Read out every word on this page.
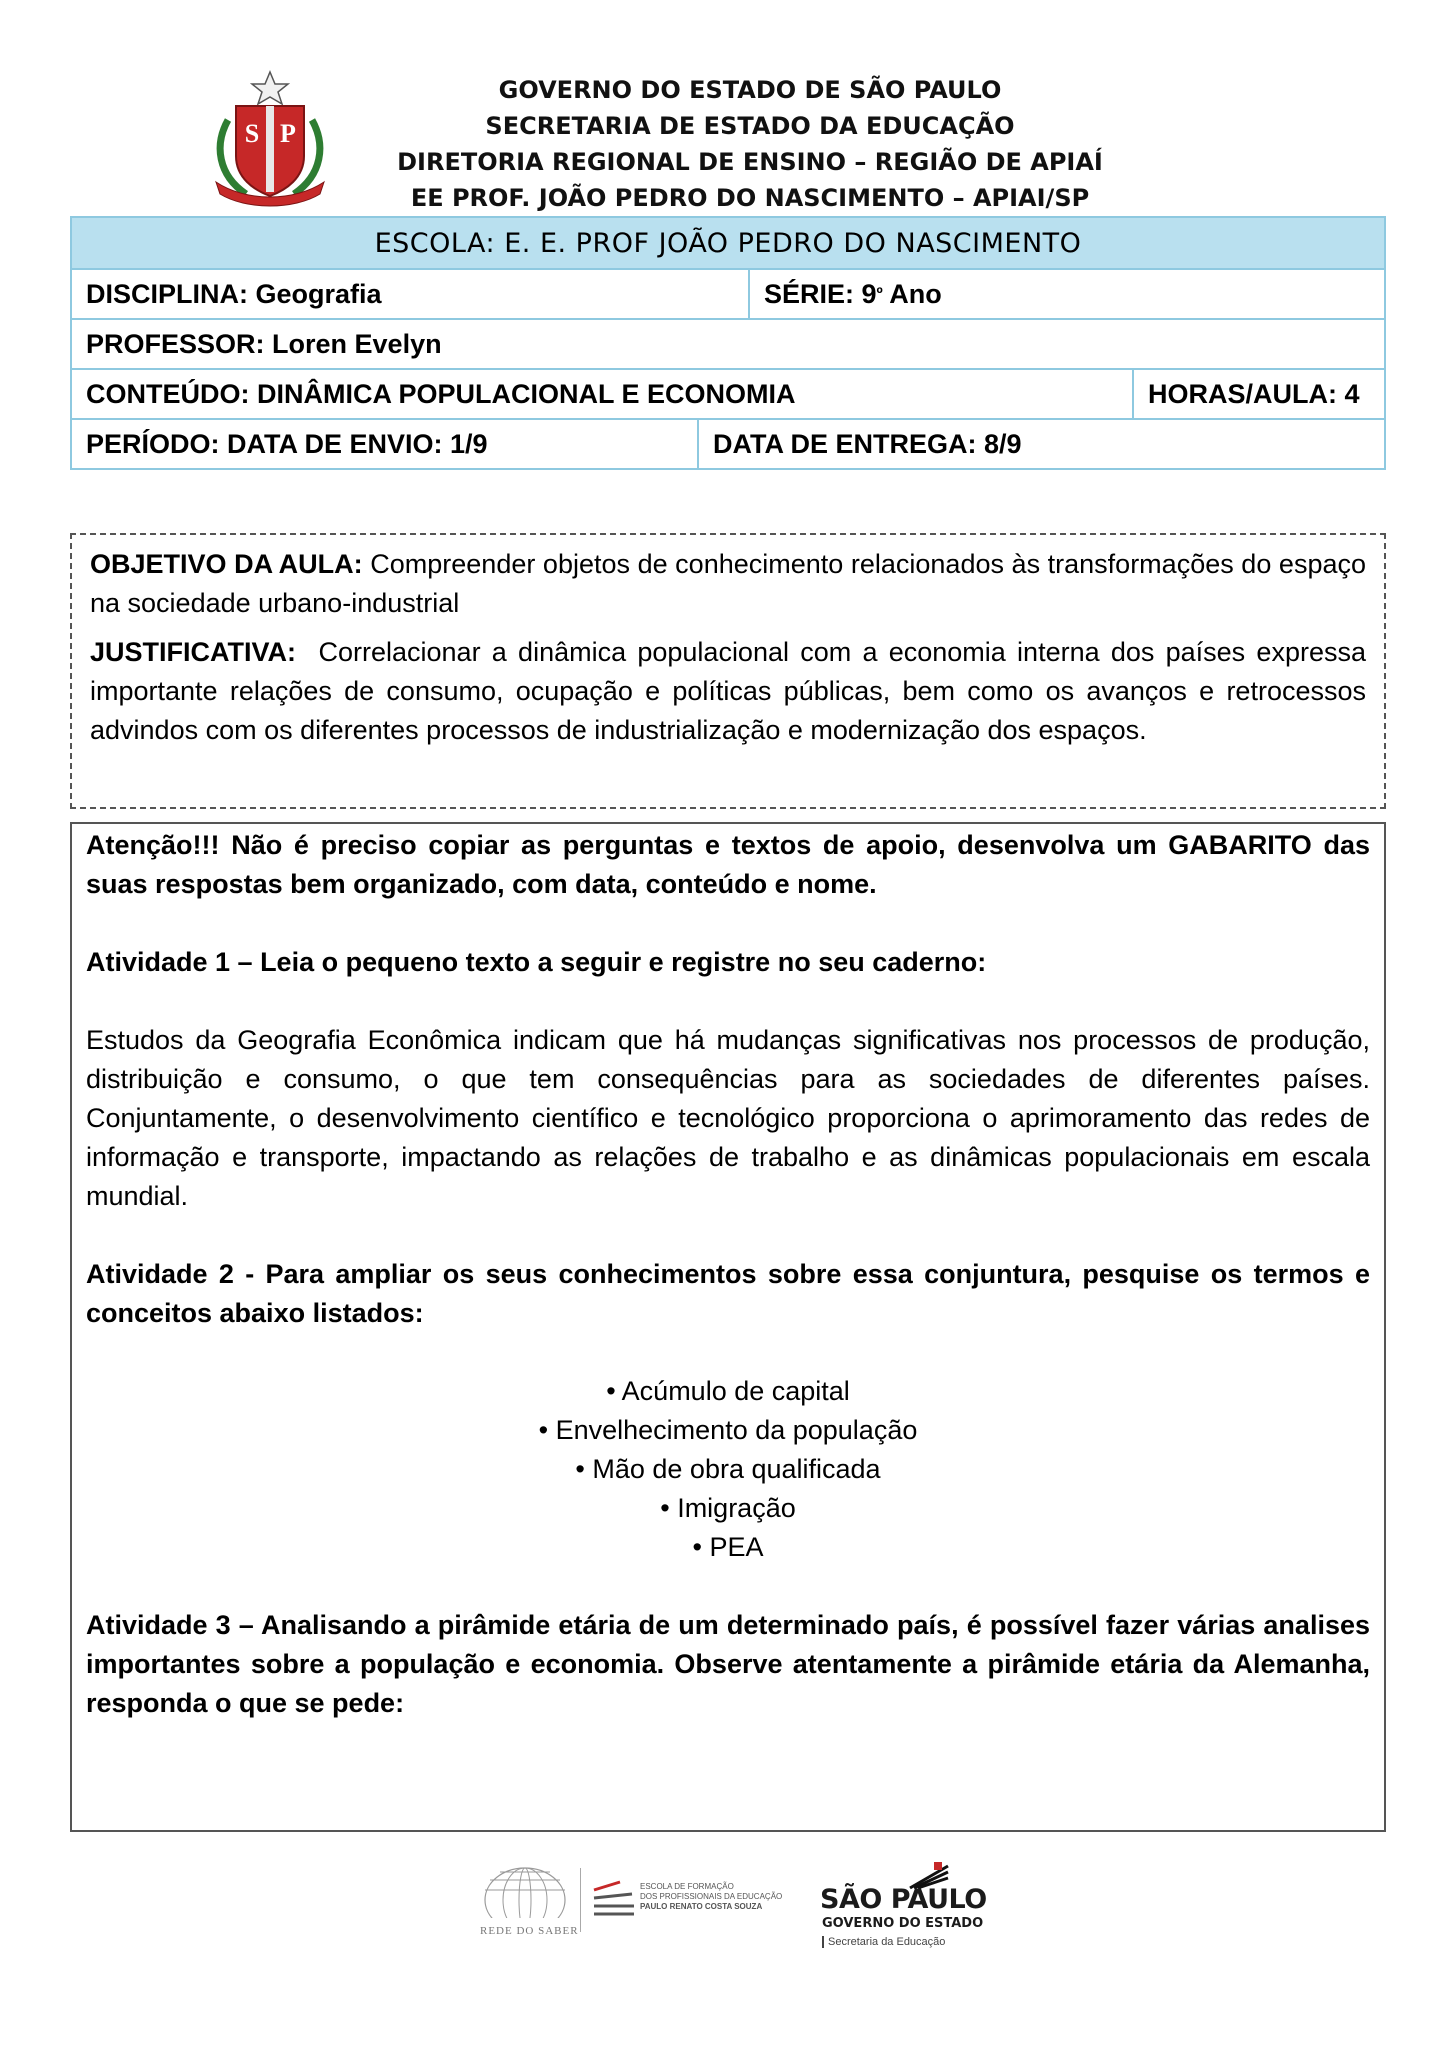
S P
GOVERNO DO ESTADO DE SÃO PAULO
SECRETARIA DE ESTADO DA EDUCAÇÃO
DIRETORIA REGIONAL DE ENSINO – REGIÃO DE APIAÍ
EE PROF. JOÃO PEDRO DO NASCIMENTO – APIAI/SP
ESCOLA: E. E. PROF JOÃO PEDRO DO NASCIMENTO
DISCIPLINA: Geografia	SÉRIE: 9 º Ano
PROFESSOR: Loren Evelyn
CONTEÚDO: DINÂMICA POPULACIONAL E ECONOMIA	HORAS/AULA: 4
PERÍODO: DATA DE ENVIO: 1/9	DATA DE ENTREGA: 8/9

OBJETIVO DA AULA: Compreender objetos de conhecimento relacionados às transformações do espaço na sociedade urbano-industrial

JUSTIFICATIVA:  Correlacionar a dinâmica populacional com a economia interna dos países expressa importante relações de consumo, ocupação e políticas públicas, bem como os avanços e retrocessos advindos com os diferentes processos de industrialização e modernização dos espaços.

Atenção!!! Não é preciso copiar as perguntas e textos de apoio, desenvolva um GABARITO das suas respostas bem organizado, com data, conteúdo e nome.

Atividade 1 – Leia o pequeno texto a seguir e registre no seu caderno:

Estudos da Geografia Econômica indicam que há mudanças significativas nos processos de produção, distribuição e consumo, o que tem consequências para as sociedades de diferentes países. Conjuntamente, o desenvolvimento científico e tecnológico proporciona o aprimoramento das redes de informação e transporte, impactando as relações de trabalho e as dinâmicas populacionais em escala mundial.

Atividade 2 - Para ampliar os seus conhecimentos sobre essa conjuntura, pesquise os termos e conceitos abaixo listados:

• Acúmulo de capital
• Envelhecimento da população
• Mão de obra qualificada
• Imigração
• PEA

Atividade 3 – Analisando a pirâmide etária de um determinado país, é possível fazer várias analises importantes sobre a população e economia. Observe atentamente a pirâmide etária da Alemanha, responda o que se pede:

REDE DO SABER
ESCOLA DE FORMAÇÃO
DOS PROFISSIONAIS DA EDUCAÇÃO
PAULO RENATO COSTA SOUZA	SÃO PAULO
GOVERNO DO ESTADO
Secretaria da Educação
